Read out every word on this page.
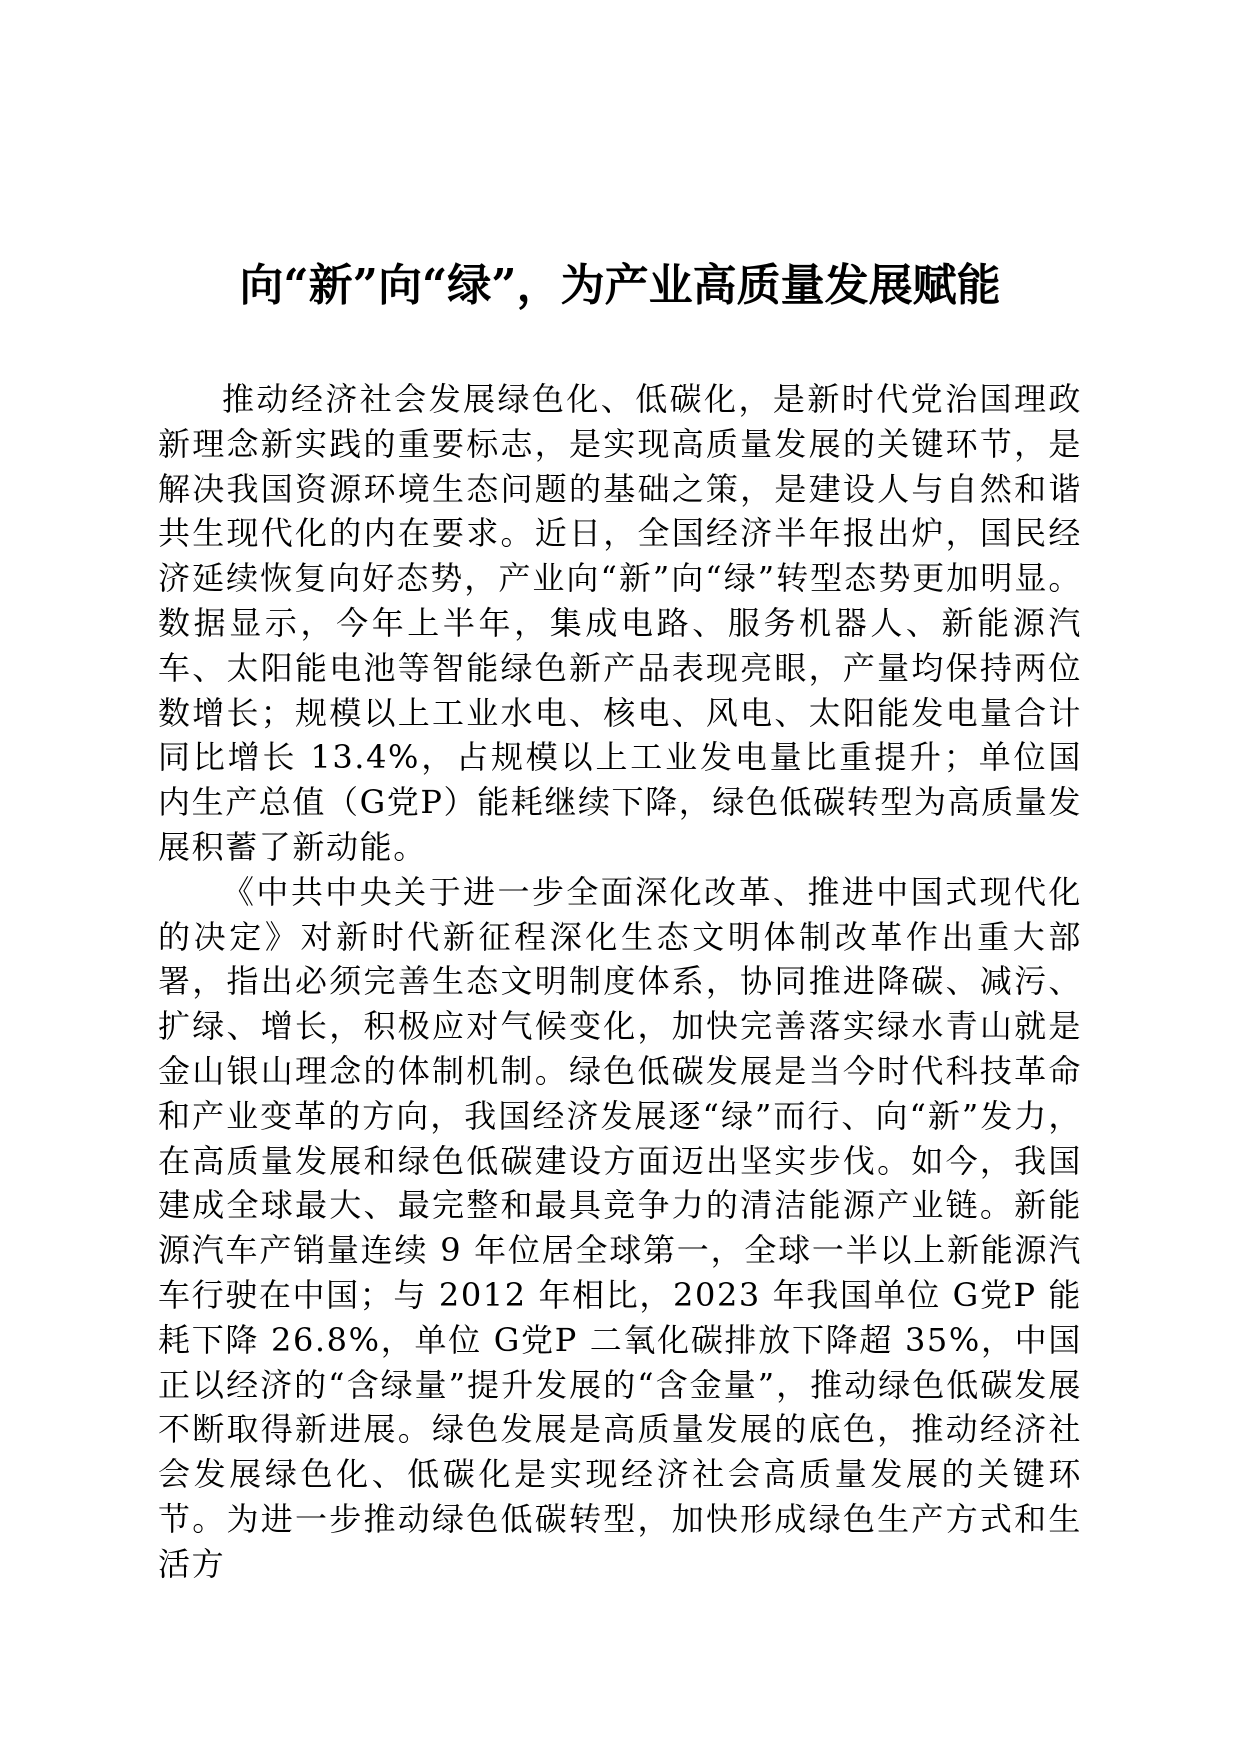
向“新”向“绿”，为产业高质量发展赋能

推动经济社会发展绿色化、低碳化，是新时代党治国理政新理念新实践的重要标志，是实现高质量发展的关键环节，是解决我国资源环境生态问题的基础之策，是建设人与自然和谐共生现代化的内在要求。近日，全国经济半年报出炉，国民经济延续恢复向好态势，产业向“新”向“绿”转型态势更加明显。数据显示，今年上半年，集成电路、服务机器人、新能源汽车、太阳能电池等智能绿色新产品表现亮眼，产量均保持两位数增长；规模以上工业水电、核电、风电、太阳能发电量合计同比增长 13.4%，占规模以上工业发电量比重提升；单位国内生产总值（G党P）能耗继续下降，绿色低碳转型为高质量发展积蓄了新动能。

《中共中央关于进一步全面深化改革、推进中国式现代化的决定》对新时代新征程深化生态文明体制改革作出重大部署，指出必须完善生态文明制度体系，协同推进降碳、减污、扩绿、增长，积极应对气候变化，加快完善落实绿水青山就是金山银山理念的体制机制。绿色低碳发展是当今时代科技革命和产业变革的方向，我国经济发展逐“绿”而行、向“新”发力，在高质量发展和绿色低碳建设方面迈出坚实步伐。如今，我国建成全球最大、最完整和最具竞争力的清洁能源产业链。新能源汽车产销量连续 9 年位居全球第一，全球一半以上新能源汽车行驶在中国；与 2012 年相比，2023 年我国单位 G党P 能耗下降 26.8%，单位 G党P 二氧化碳排放下降超 35%，中国正以经济的“含绿量”提升发展的“含金量”，推动绿色低碳发展不断取得新进展。绿色发展是高质量发展的底色，推动经济社会发展绿色化、低碳化是实现经济社会高质量发展的关键环节。为进一步推动绿色低碳转型，加快形成绿色生产方式和生活方
